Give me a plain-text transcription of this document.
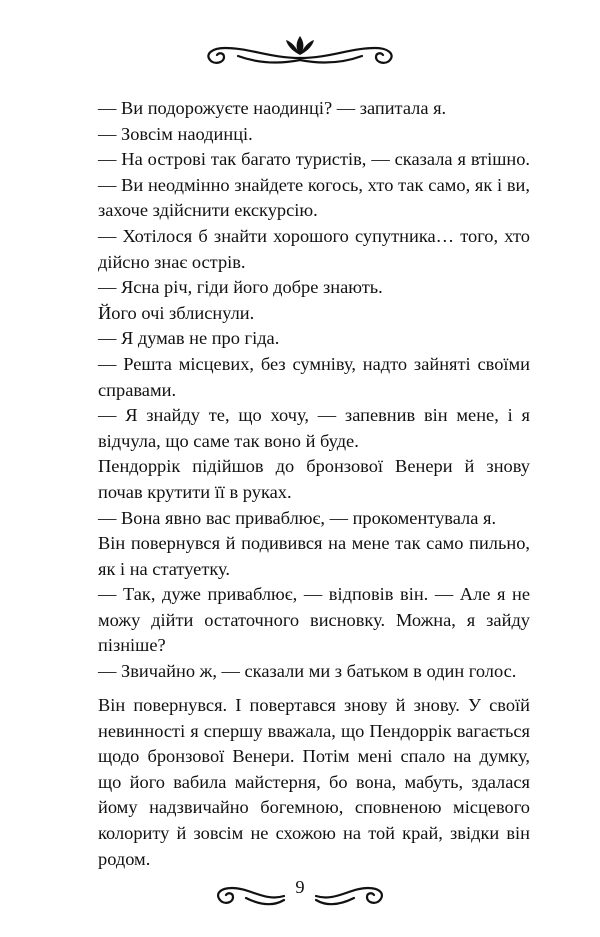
— Ви подорожуєте наодинці? — запитала я.

— Зовсім наодинці.

— На острові так багато туристів, — сказала я втішно. — Ви неодмінно знайдете когось, хто так само, як і ви, захоче здійснити екскурсію.

— Хотілося б знайти хорошого супутника… того, хто дійсно знає острів.

— Ясна річ, гіди його добре знають.

Його очі зблиснули.

— Я думав не про гіда.

— Решта місцевих, без сумніву, надто зайняті своїми справами.

— Я знайду те, що хочу, — запевнив він мене, і я відчула, що саме так воно й буде.

Пендоррік підійшов до бронзової Венери й знову почав крутити її в руках.

— Вона явно вас приваблює, — прокоментувала я.

Він повернувся й подивився на мене так само пильно, як і на статуетку.

— Так, дуже приваблює, — відповів він. — Але я не можу дійти остаточного висновку. Можна, я зайду пізніше?

— Звичайно ж, — сказали ми з батьком в один голос.

Він повернувся. І повертався знову й знову. У своїй невинності я спершу вважала, що Пендоррік вагається щодо бронзової Венери. Потім мені спало на думку, що його вабила майстерня, бо вона, мабуть, здалася йому надзвичайно богемною, сповненою місцевого колориту й зовсім не схожою на той край, звідки він родом.

9
